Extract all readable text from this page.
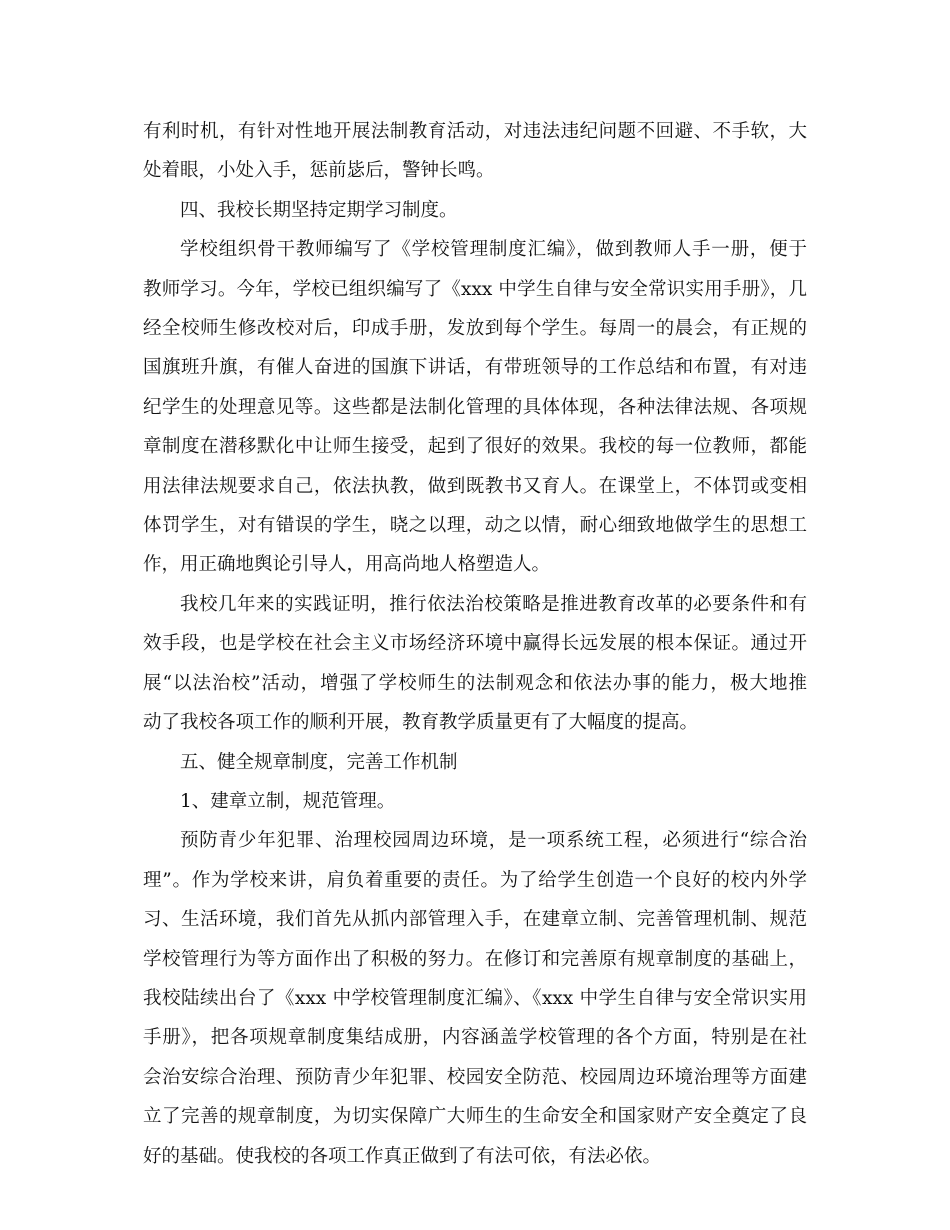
有利时机，有针对性地开展法制教育活动，对违法违纪问题不回避、不手软，大
处着眼，小处入手，惩前毖后，警钟长鸣。

四、我校长期坚持定期学习制度。

学校组织骨干教师编写了《学校管理制度汇编》，做到教师人手一册，便于
教师学习。今年，学校已组织编写了《xxx 中学生自律与安全常识实用手册》，几
经全校师生修改校对后，印成手册，发放到每个学生。每周一的晨会，有正规的
国旗班升旗，有催人奋进的国旗下讲话，有带班领导的工作总结和布置，有对违
纪学生的处理意见等。这些都是法制化管理的具体体现，各种法律法规、各项规
章制度在潜移默化中让师生接受，起到了很好的效果。我校的每一位教师，都能
用法律法规要求自己，依法执教，做到既教书又育人。在课堂上，不体罚或变相
体罚学生，对有错误的学生，晓之以理，动之以情，耐心细致地做学生的思想工
作，用正确地舆论引导人，用高尚地人格塑造人。

我校几年来的实践证明，推行依法治校策略是推进教育改革的必要条件和有
效手段，也是学校在社会主义市场经济环境中赢得长远发展的根本保证。通过开
展“以法治校”活动，增强了学校师生的法制观念和依法办事的能力，极大地推
动了我校各项工作的顺利开展，教育教学质量更有了大幅度的提高。

五、健全规章制度，完善工作机制

1、建章立制，规范管理。

预防青少年犯罪、治理校园周边环境，是一项系统工程，必须进行“综合治
理”。作为学校来讲，肩负着重要的责任。为了给学生创造一个良好的校内外学
习、生活环境，我们首先从抓内部管理入手，在建章立制、完善管理机制、规范
学校管理行为等方面作出了积极的努力。在修订和完善原有规章制度的基础上，
我校陆续出台了《xxx 中学校管理制度汇编》、《xxx 中学生自律与安全常识实用
手册》，把各项规章制度集结成册，内容涵盖学校管理的各个方面，特别是在社
会治安综合治理、预防青少年犯罪、校园安全防范、校园周边环境治理等方面建
立了完善的规章制度，为切实保障广大师生的生命安全和国家财产安全奠定了良
好的基础。使我校的各项工作真正做到了有法可依，有法必依。
